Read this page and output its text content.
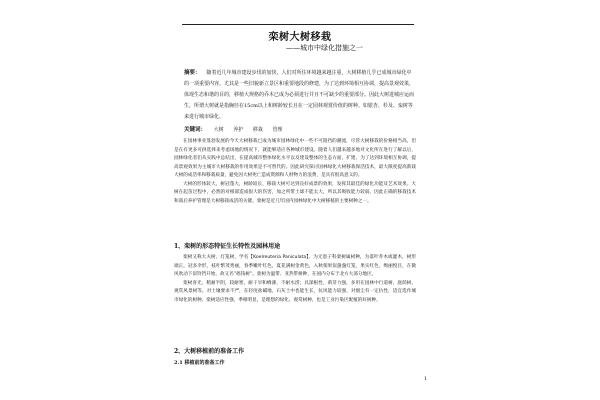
栾树大树移栽
——城市中绿化措施之一
摘要： 随着近几年城市建设步伐的加快，人们对所住环境越来越注重，大树移植几乎已成城市绿化中的一项重要内容。尤其是一些旧貌新立景区和重要地段的修建，为了达到环境相互协调，提高景观效果，体现生态和谐的目的，移植大规格的乔木已成为必须进行并且不可缺少的重要部分。因此大树进城应运而生，所谓大树就是指胸径在15cm以上和树龄较长且在一定园林观赏价值的树种。如银杏、杉及、栾树等来进行城市绿化。
关键词： 大树 养护 移栽 管理

在园林事业蓬勃发展的今天大树移栽已成为城市园林绿化中一些不可阻挡的潮流，尽管大树移栽的价格相当高，但是在有更多可供选择来考虑场地的情况下，就能够适应各种城市建设。随着人们越来越多地对文化所在进行了解以后，园林绿化者们从实践中总结出，在提高城市整体绿化水平以及建设整体的生态方面，扩建、为了达到环境相互协调，提高景观效果为主城市大树移栽的作用效果是不可替代的。因此研究探讨国林绿化大树移栽保活技术，最大限度提高新栽大树的成活率和移栽质量，避免因大树死亡造成资源和人财物力的浪费，是具有很高意义的。

大树的形体较大、树冠蓬大，树龄较长，移栽大树可达到良好成景的效果，发挥其最佳的绿化功能及艺术效果。大树在起苗过程中，必然的对根部造成很大的伤害，加之所带土球不能太大，所以其吸收能力较弱，因此正确的移栽技术和栽后养护管理是大树移栽成活的关键。栾树是近几年国内园林绿化中大树移植的主要树种之一。

1、栾树的形态特征生长特性及园林用途

栾树又称大夫树、灯笼树，学名【Koelreuteria Paniculata】。为无患子科栾树属树种，为落叶乔木或灌木，树形端正，冠多伞形，枝叶繁茂秀丽，春季嫩叶红色，夏花满树金黄色，入秋蒴果似盏盏灯笼，果实红色，绚丽悦目，在微风吹动下似铃铛开始，故又名“摇钱树”。栾树为温带、亚热带树种，在国内分布于北方大部分地区。

栾树喜光，稍耐半阴，较耐寒，耐干旱和瘠薄，不耐水涝；具深根性，萌芽力强，多用在园林中行道树、庭荫树、观赏风景树等。对土壤要求不严，在轻度盐碱地、石灰土中也能生长，抗风能力较强，对烟尘有一定抗性，适宜选作城市绿化的树种。栾树适应性强，季相明显，是理想的绿化、观赏树种，也是工业污染区配植的好树种。

2、大树移植前的准备工作
2.1 移植前的准备工作
1
